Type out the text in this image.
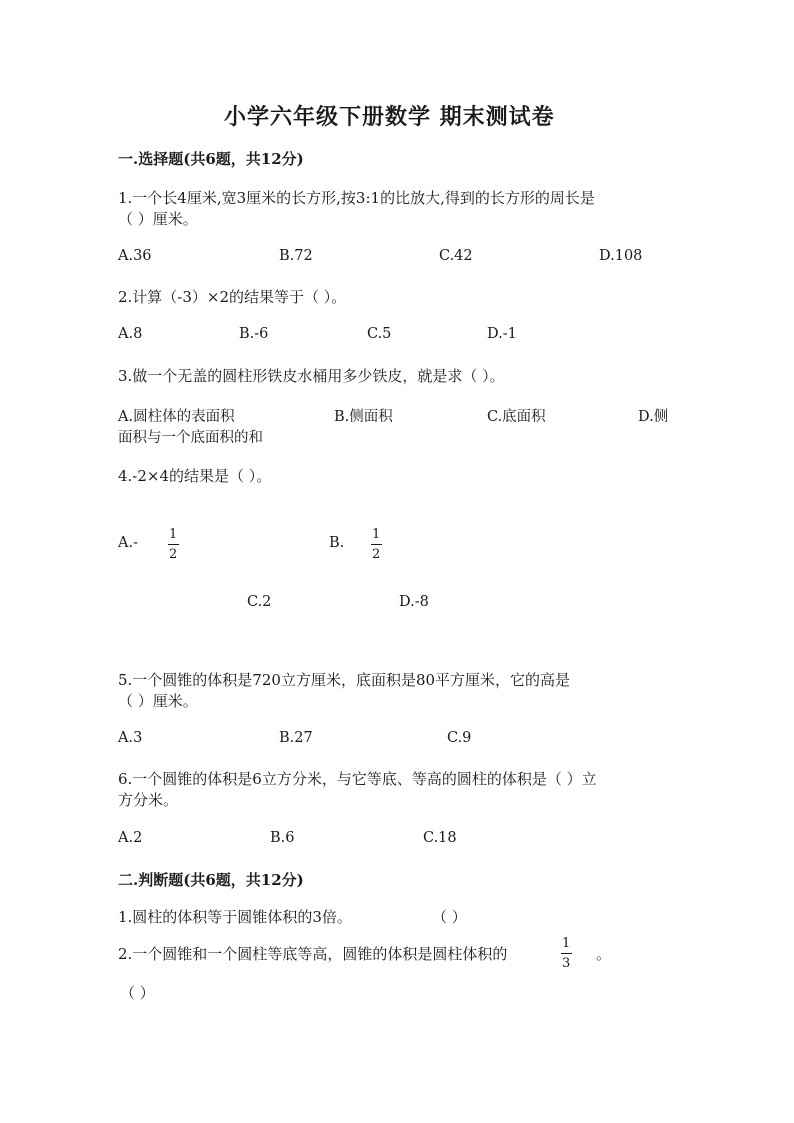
小学六年级下册数学 期末测试卷
一.选择题(共6题，共12分)
1.一个长4厘米,宽3厘米的长方形,按3:1的比放大,得到的长方形的周长是
（ ）厘米。
A.36	B.72	C.42	D.108
2.计算（-3）×2的结果等于（ ）。
A.8	B.-6	C.5	D.-1
3.做一个无盖的圆柱形铁皮水桶用多少铁皮，就是求（ ）。
A.圆柱体的表面积	B.侧面积	C.底面积	D.侧
面积与一个底面积的和
4.-2×4的结果是（ ）。
A.-
1
2
B.
1
2
C.2	D.-8
5.一个圆锥的体积是720立方厘米，底面积是80平方厘米，它的高是
（ ）厘米。
A.3	B.27	C.9
6.一个圆锥的体积是6立方分米，与它等底、等高的圆柱的体积是（ ）立
方分米。
A.2	B.6	C.18
二.判断题(共6题，共12分)
1.圆柱的体积等于圆锥体积的3倍。	（ ）
2.一个圆锥和一个圆柱等底等高，圆锥的体积是圆柱体积的
1
3
。
（ ）
